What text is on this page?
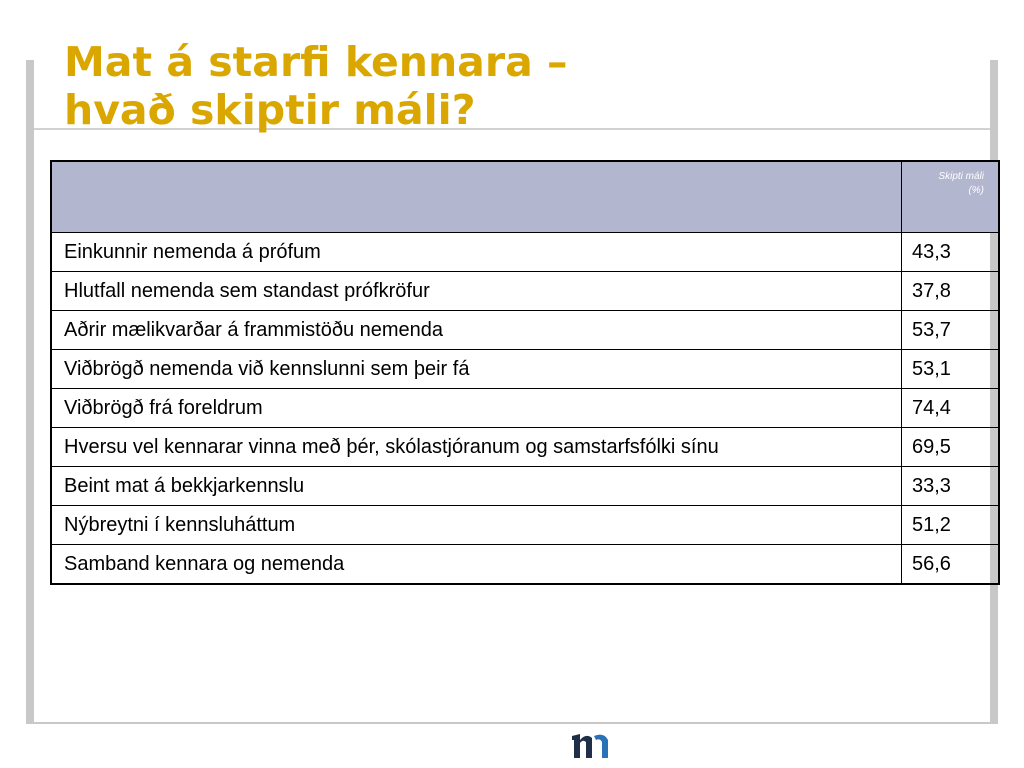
Mat á starfi kennara –
hvað skiptir máli?

	Skipti máli
(%)

Einkunnir nemenda á prófum	43,3
Hlutfall nemenda sem standast prófkröfur	37,8
Aðrir mælikvarðar á frammistöðu nemenda	53,7
Viðbrögð nemenda við kennslunni sem þeir fá	53,1
Viðbrögð frá foreldrum	74,4
Hversu vel kennarar vinna með þér, skólastjóranum og samstarfsfólki sínu	69,5
Beint mat á bekkjarkennslu	33,3
Nýbreytni í kennsluháttum	51,2
Samband kennara og nemenda	56,6
